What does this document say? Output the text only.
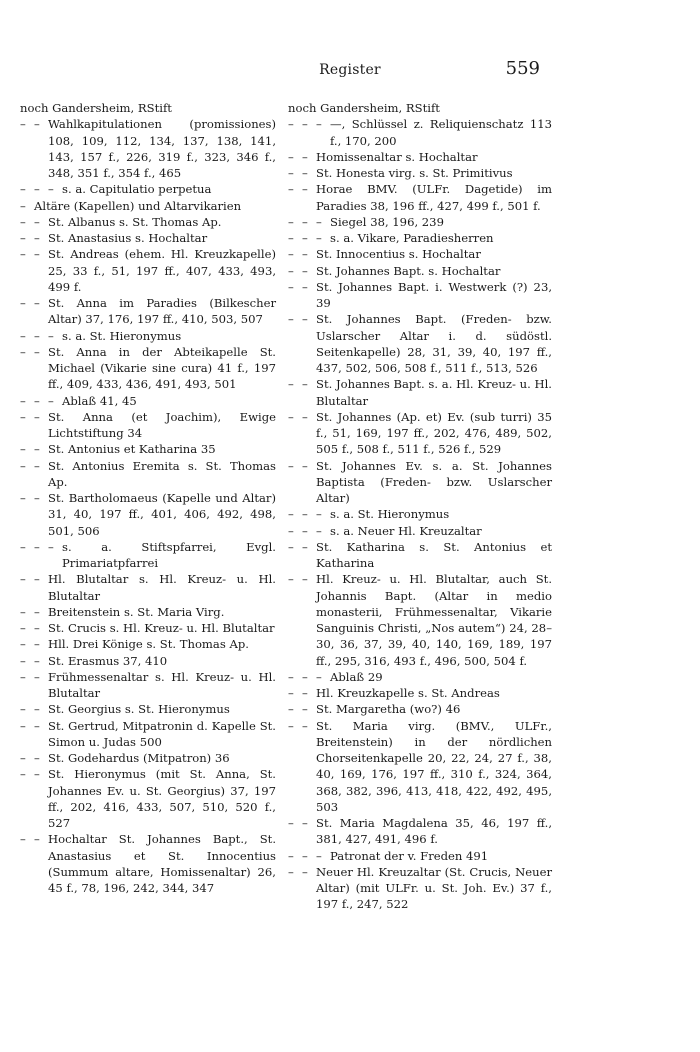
Register	559
noch Gandersheim, RStift
– – Wahlkapitulationen (promissiones) 108, 109, 112, 134, 137, 138, 141, 143, 157 f., 226, 319 f., 323, 346 f., 348, 351 f., 354 f., 465
– – – s. a. Capitulatio perpetua
– Altäre (Kapellen) und Altarvikarien
– – St. Albanus s. St. Thomas Ap.
– – St. Anastasius s. Hochaltar
– – St. Andreas (ehem. Hl. Kreuzkapelle) 25, 33 f., 51, 197 ff., 407, 433, 493, 499 f.
– – St. Anna im Paradies (Bilkescher Altar) 37, 176, 197 ff., 410, 503, 507
– – – s. a. St. Hieronymus
– – St. Anna in der Abteikapelle St. Michael (Vikarie sine cura) 41 f., 197 ff., 409, 433, 436, 491, 493, 501
– – – Ablaß 41, 45
– – St. Anna (et Joachim), Ewige Lichtstiftung 34
– – St. Antonius et Katharina 35
– – St. Antonius Eremita s. St. Thomas Ap.
– – St. Bartholomaeus (Kapelle und Altar) 31, 40, 197 ff., 401, 406, 492, 498, 501, 506
– – – s. a. Stiftspfarrei, Evgl. Primariatpfarrei
– – Hl. Blutaltar s. Hl. Kreuz- u. Hl. Blutaltar
– – Breitenstein s. St. Maria Virg.
– – St. Crucis s. Hl. Kreuz- u. Hl. Blutaltar
– – Hll. Drei Könige s. St. Thomas Ap.
– – St. Erasmus 37, 410
– – Frühmessenaltar s. Hl. Kreuz- u. Hl. Blutaltar
– – St. Georgius s. St. Hieronymus
– – St. Gertrud, Mitpatronin d. Kapelle St. Simon u. Judas 500
– – St. Godehardus (Mitpatron) 36
– – St. Hieronymus (mit St. Anna, St. Johannes Ev. u. St. Georgius) 37, 197 ff., 202, 416, 433, 507, 510, 520 f., 527
– – Hochaltar St. Johannes Bapt., St. Anastasius et St. Innocentius (Summum altare, Homissenaltar) 26, 45 f., 78, 196, 242, 344, 347
noch Gandersheim, RStift
– – – —, Schlüssel z. Reliquienschatz 113 f., 170, 200
– – Homissenaltar s. Hochaltar
– – St. Honesta virg. s. St. Primitivus
– – Horae BMV. (ULFr. Dagetide) im Paradies 38, 196 ff., 427, 499 f., 501 f.
– – – Siegel 38, 196, 239
– – – s. a. Vikare, Paradiesherren
– – St. Innocentius s. Hochaltar
– – St. Johannes Bapt. s. Hochaltar
– – St. Johannes Bapt. i. Westwerk (?) 23, 39
– – St. Johannes Bapt. (Freden- bzw. Uslarscher Altar i. d. südöstl. Seitenkapelle) 28, 31, 39, 40, 197 ff., 437, 502, 506, 508 f., 511 f., 513, 526
– – St. Johannes Bapt. s. a. Hl. Kreuz- u. Hl. Blutaltar
– – St. Johannes (Ap. et) Ev. (sub turri) 35 f., 51, 169, 197 ff., 202, 476, 489, 502, 505 f., 508 f., 511 f., 526 f., 529
– – St. Johannes Ev. s. a. St. Johannes Baptista (Freden- bzw. Uslarscher Altar)
– – – s. a. St. Hieronymus
– – – s. a. Neuer Hl. Kreuzaltar
– – St. Katharina s. St. Antonius et Katharina
– – Hl. Kreuz- u. Hl. Blutaltar, auch St. Johannis Bapt. (Altar in medio monasterii, Frühmessenaltar, Vikarie Sanguinis Christi, „Nos autem“) 24, 28–30, 36, 37, 39, 40, 140, 169, 189, 197 ff., 295, 316, 493 f., 496, 500, 504 f.
– – – Ablaß 29
– – Hl. Kreuzkapelle s. St. Andreas
– – St. Margaretha (wo?) 46
– – St. Maria virg. (BMV., ULFr., Breitenstein) in der nördlichen Chorseitenkapelle 20, 22, 24, 27 f., 38, 40, 169, 176, 197 ff., 310 f., 324, 364, 368, 382, 396, 413, 418, 422, 492, 495, 503
– – St. Maria Magdalena 35, 46, 197 ff., 381, 427, 491, 496 f.
– – – Patronat der v. Freden 491
– – Neuer Hl. Kreuzaltar (St. Crucis, Neuer Altar) (mit ULFr. u. St. Joh. Ev.) 37 f., 197 f., 247, 522
